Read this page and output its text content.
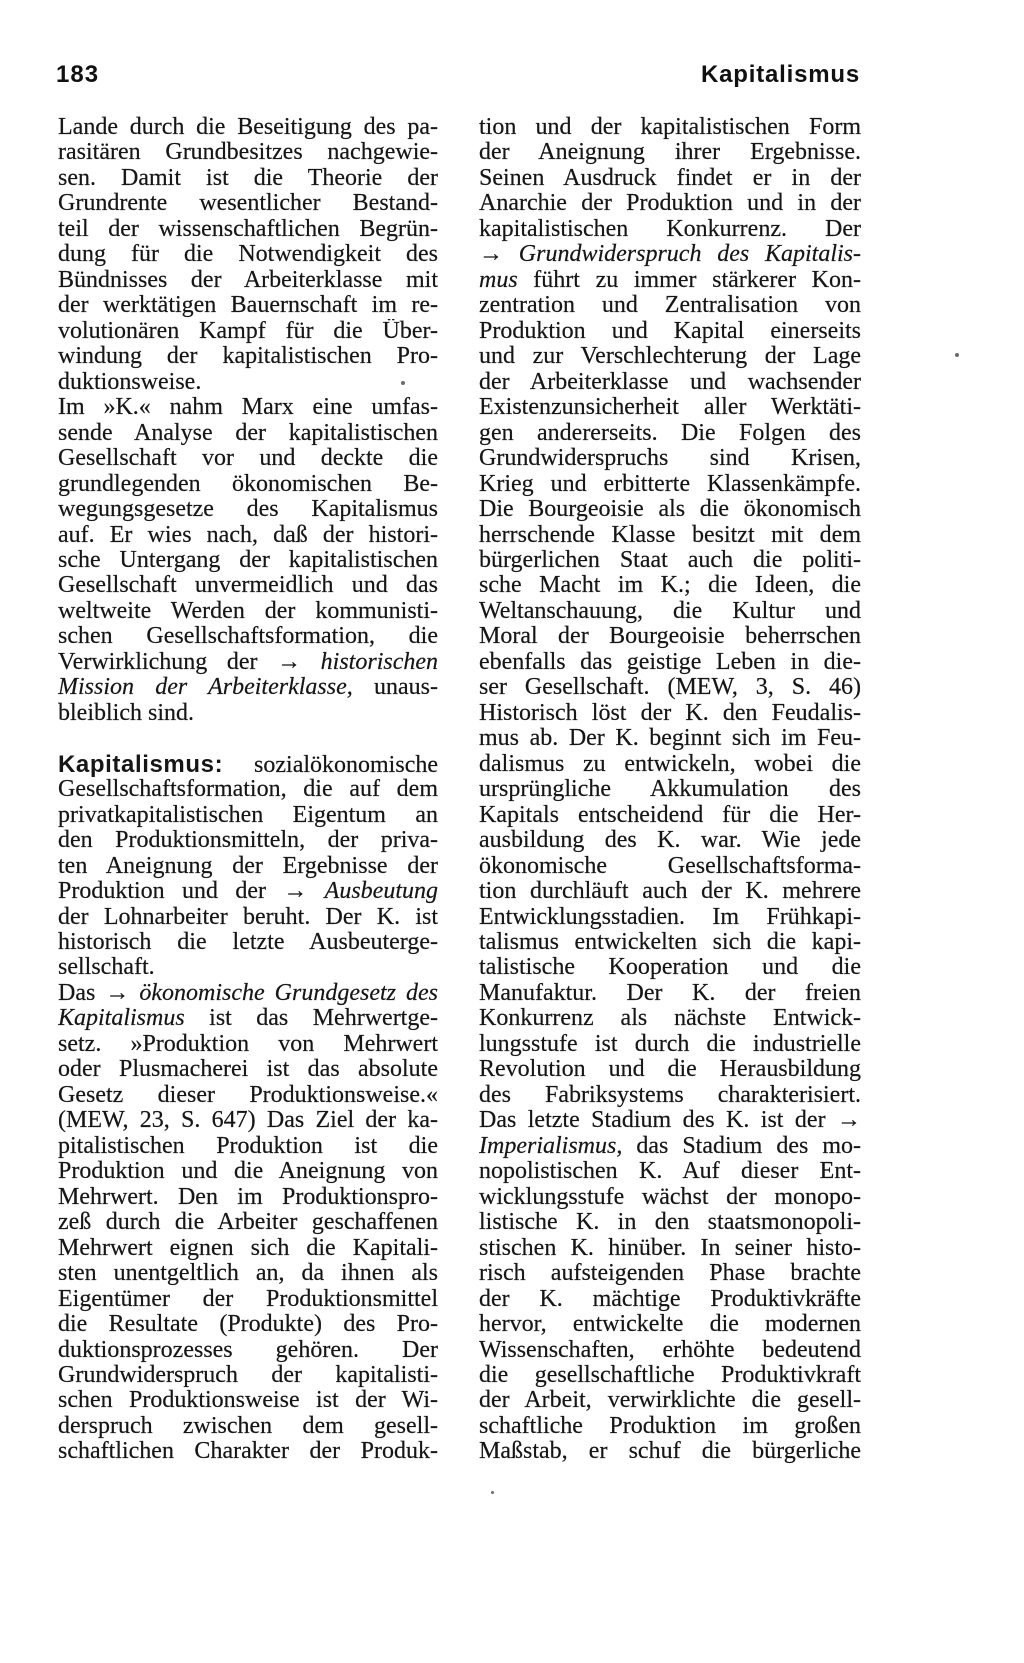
183	Kapitalismus
Lande durch die Beseitigung des pa-
rasitären Grundbesitzes nachgewie-
sen. Damit ist die Theorie der
Grundrente wesentlicher Bestand-
teil der wissenschaftlichen Begrün-
dung für die Notwendigkeit des
Bündnisses der Arbeiterklasse mit
der werktätigen Bauernschaft im re-
volutionären Kampf für die Über-
windung der kapitalistischen Pro-
duktionsweise.
Im »K.« nahm Marx eine umfas-
sende Analyse der kapitalistischen
Gesellschaft vor und deckte die
grundlegenden ökonomischen Be-
wegungsgesetze des Kapitalismus
auf. Er wies nach, daß der histori-
sche Untergang der kapitalistischen
Gesellschaft unvermeidlich und das
weltweite Werden der kommunisti-
schen Gesellschaftsformation, die
Verwirklichung der → historischen
Mission der Arbeiterklasse, unaus-
bleiblich sind.
Kapitalismus: sozialökonomische
Gesellschaftsformation, die auf dem
privatkapitalistischen Eigentum an
den Produktionsmitteln, der priva-
ten Aneignung der Ergebnisse der
Produktion und der → Ausbeutung
der Lohnarbeiter beruht. Der K. ist
historisch die letzte Ausbeuterge-
sellschaft.
Das → ökonomische Grundgesetz des
Kapitalismus ist das Mehrwertge-
setz. »Produktion von Mehrwert
oder Plusmacherei ist das absolute
Gesetz dieser Produktionsweise.«
(MEW, 23, S. 647) Das Ziel der ka-
pitalistischen Produktion ist die
Produktion und die Aneignung von
Mehrwert. Den im Produktionspro-
zeß durch die Arbeiter geschaffenen
Mehrwert eignen sich die Kapitali-
sten unentgeltlich an, da ihnen als
Eigentümer der Produktionsmittel
die Resultate (Produkte) des Pro-
duktionsprozesses gehören. Der
Grundwiderspruch der kapitalisti-
schen Produktionsweise ist der Wi-
derspruch zwischen dem gesell-
schaftlichen Charakter der Produk-
tion und der kapitalistischen Form
der Aneignung ihrer Ergebnisse.
Seinen Ausdruck findet er in der
Anarchie der Produktion und in der
kapitalistischen Konkurrenz. Der
→ Grundwiderspruch des Kapitalis-
mus führt zu immer stärkerer Kon-
zentration und Zentralisation von
Produktion und Kapital einerseits
und zur Verschlechterung der Lage
der Arbeiterklasse und wachsender
Existenzunsicherheit aller Werktäti-
gen andererseits. Die Folgen des
Grundwiderspruchs sind Krisen,
Krieg und erbitterte Klassenkämpfe.
Die Bourgeoisie als die ökonomisch
herrschende Klasse besitzt mit dem
bürgerlichen Staat auch die politi-
sche Macht im K.; die Ideen, die
Weltanschauung, die Kultur und
Moral der Bourgeoisie beherrschen
ebenfalls das geistige Leben in die-
ser Gesellschaft. (MEW, 3, S. 46)
Historisch löst der K. den Feudalis-
mus ab. Der K. beginnt sich im Feu-
dalismus zu entwickeln, wobei die
ursprüngliche Akkumulation des
Kapitals entscheidend für die Her-
ausbildung des K. war. Wie jede
ökonomische Gesellschaftsforma-
tion durchläuft auch der K. mehrere
Entwicklungsstadien. Im Frühkapi-
talismus entwickelten sich die kapi-
talistische Kooperation und die
Manufaktur. Der K. der freien
Konkurrenz als nächste Entwick-
lungsstufe ist durch die industrielle
Revolution und die Herausbildung
des Fabriksystems charakterisiert.
Das letzte Stadium des K. ist der →
Imperialismus, das Stadium des mo-
nopolistischen K. Auf dieser Ent-
wicklungsstufe wächst der monopo-
listische K. in den staatsmonopoli-
stischen K. hinüber. In seiner histo-
risch aufsteigenden Phase brachte
der K. mächtige Produktivkräfte
hervor, entwickelte die modernen
Wissenschaften, erhöhte bedeutend
die gesellschaftliche Produktivkraft
der Arbeit, verwirklichte die gesell-
schaftliche Produktion im großen
Maßstab, er schuf die bürgerliche
